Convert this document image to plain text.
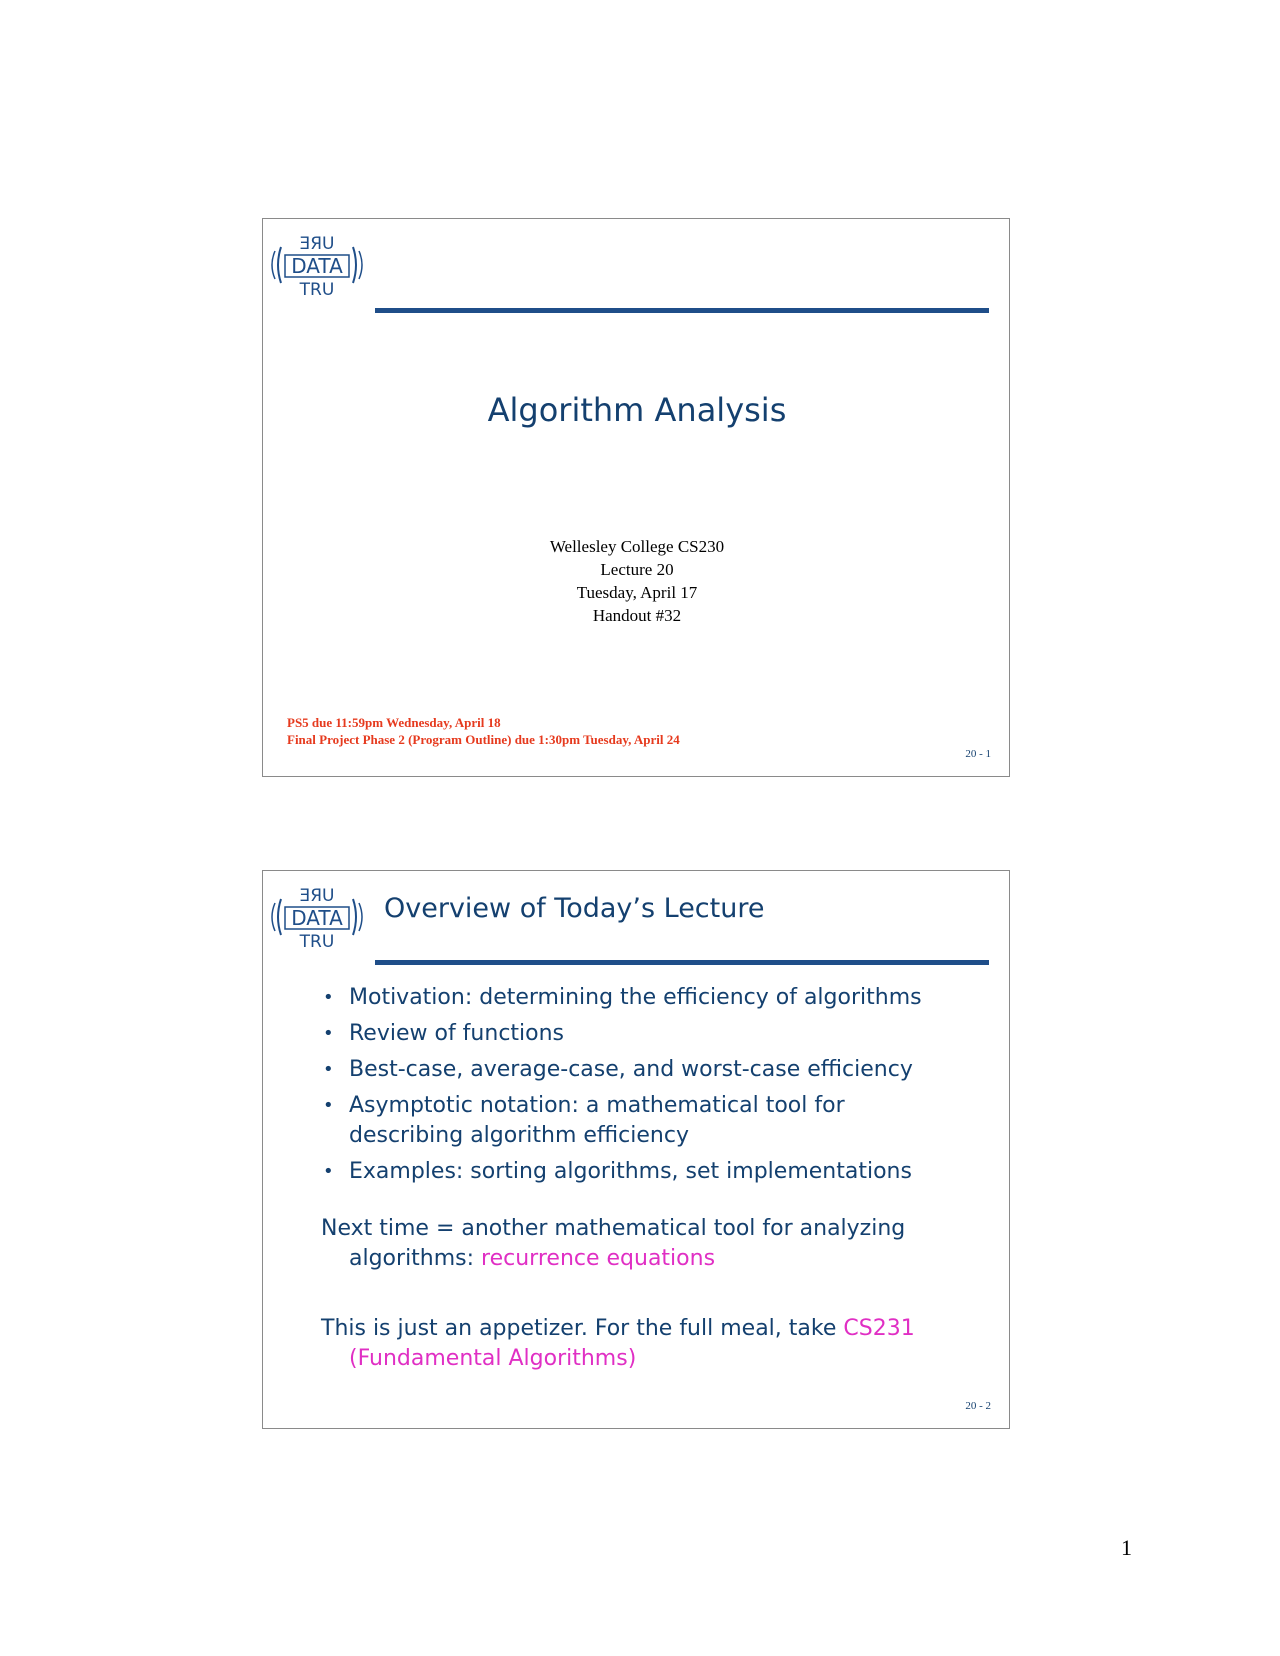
ƎЯU
DATA
TRU
Algorithm Analysis
Wellesley College CS230
Lecture 20
Tuesday, April 17
Handout #32
PS5 due 11:59pm Wednesday, April 18
Final Project Phase 2 (Program Outline) due 1:30pm Tuesday, April 24
20 - 1
ƎЯU
DATA
TRU
Overview of Today’s Lecture
• Motivation: determining the efficiency of algorithms
• Review of functions
• Best-case, average-case, and worst-case efficiency
• Asymptotic notation: a mathematical tool for describing algorithm efficiency
• Examples: sorting algorithms, set implementations
Next time = another mathematical tool for analyzing algorithms: recurrence equations
This is just an appetizer. For the full meal, take CS231 (Fundamental Algorithms)
20 - 2
1
